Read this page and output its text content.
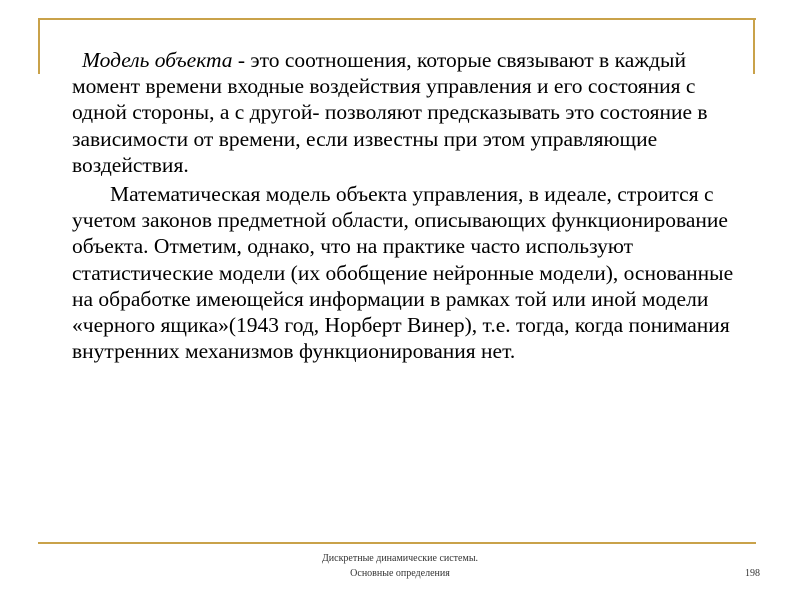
Модель объекта - это соотношения, которые связывают в каждый момент времени входные воздействия управления и его состояния с одной стороны, а с другой- позволяют предсказывать это состояние в зависимости от времени, если известны при этом управляющие воздействия.

Математическая модель объекта управления, в идеале, строится с учетом законов предметной области, описывающих функционирование объекта. Отметим, однако, что на практике часто используют статистические модели (их обобщение нейронные модели), основанные на обработке имеющейся информации в рамках той или иной модели «черного ящика»(1943 год, Норберт Винер), т.е. тогда, когда понимания внутренних механизмов функционирования нет.

Дискретные динамические системы.
Основные определения	198
